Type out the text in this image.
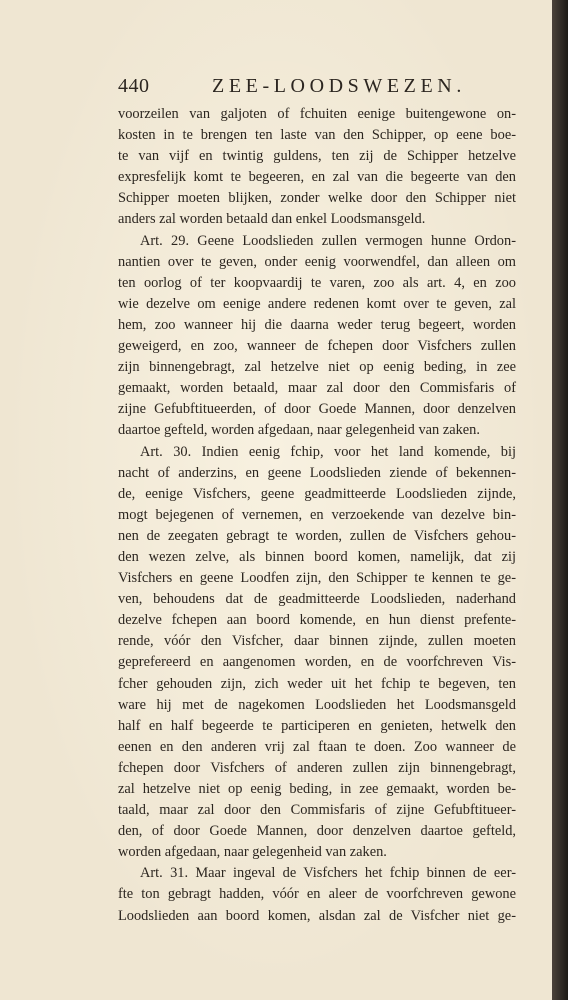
440	ZEE-LOODSWEZEN.
voorzeilen van galjoten of fchuiten eenige buitengewone on-
kosten in te brengen ten laste van den Schipper, op eene boe-
te van vijf en twintig guldens, ten zij de Schipper hetzelve
expresfelijk komt te begeeren, en zal van die begeerte van den
Schipper moeten blijken, zonder welke door den Schipper niet
anders zal worden betaald dan enkel Loodsmansgeld.
Art. 29. Geene Loodslieden zullen vermogen hunne Ordon-
nantien over te geven, onder eenig voorwendfel, dan alleen om
ten oorlog of ter koopvaardij te varen, zoo als art. 4, en zoo
wie dezelve om eenige andere redenen komt over te geven, zal
hem, zoo wanneer hij die daarna weder terug begeert, worden
geweigerd, en zoo, wanneer de fchepen door Visfchers zullen
zijn binnengebragt, zal hetzelve niet op eenig beding, in zee
gemaakt, worden betaald, maar zal door den Commisfaris of
zijne Gefubftitueerden, of door Goede Mannen, door denzelven
daartoe gefteld, worden afgedaan, naar gelegenheid van zaken.
Art. 30. Indien eenig fchip, voor het land komende, bij
nacht of anderzins, en geene Loodslieden ziende of bekennen-
de, eenige Visfchers, geene geadmitteerde Loodslieden zijnde,
mogt bejegenen of vernemen, en verzoekende van dezelve bin-
nen de zeegaten gebragt te worden, zullen de Visfchers gehou-
den wezen zelve, als binnen boord komen, namelijk, dat zij
Visfchers en geene Loodfen zijn, den Schipper te kennen te ge-
ven, behoudens dat de geadmitteerde Loodslieden, naderhand
dezelve fchepen aan boord komende, en hun dienst prefente-
rende, vóór den Visfcher, daar binnen zijnde, zullen moeten
geprefereerd en aangenomen worden, en de voorfchreven Vis-
fcher gehouden zijn, zich weder uit het fchip te begeven, ten
ware hij met de nagekomen Loodslieden het Loodsmansgeld
half en half begeerde te participeren en genieten, hetwelk den
eenen en den anderen vrij zal ftaan te doen. Zoo wanneer de
fchepen door Visfchers of anderen zullen zijn binnengebragt,
zal hetzelve niet op eenig beding, in zee gemaakt, worden be-
taald, maar zal door den Commisfaris of zijne Gefubftitueer-
den, of door Goede Mannen, door denzelven daartoe gefteld,
worden afgedaan, naar gelegenheid van zaken.
Art. 31. Maar ingeval de Visfchers het fchip binnen de eer-
fte ton gebragt hadden, vóór en aleer de voorfchreven gewone
Loodslieden aan boord komen, alsdan zal de Visfcher niet ge-
